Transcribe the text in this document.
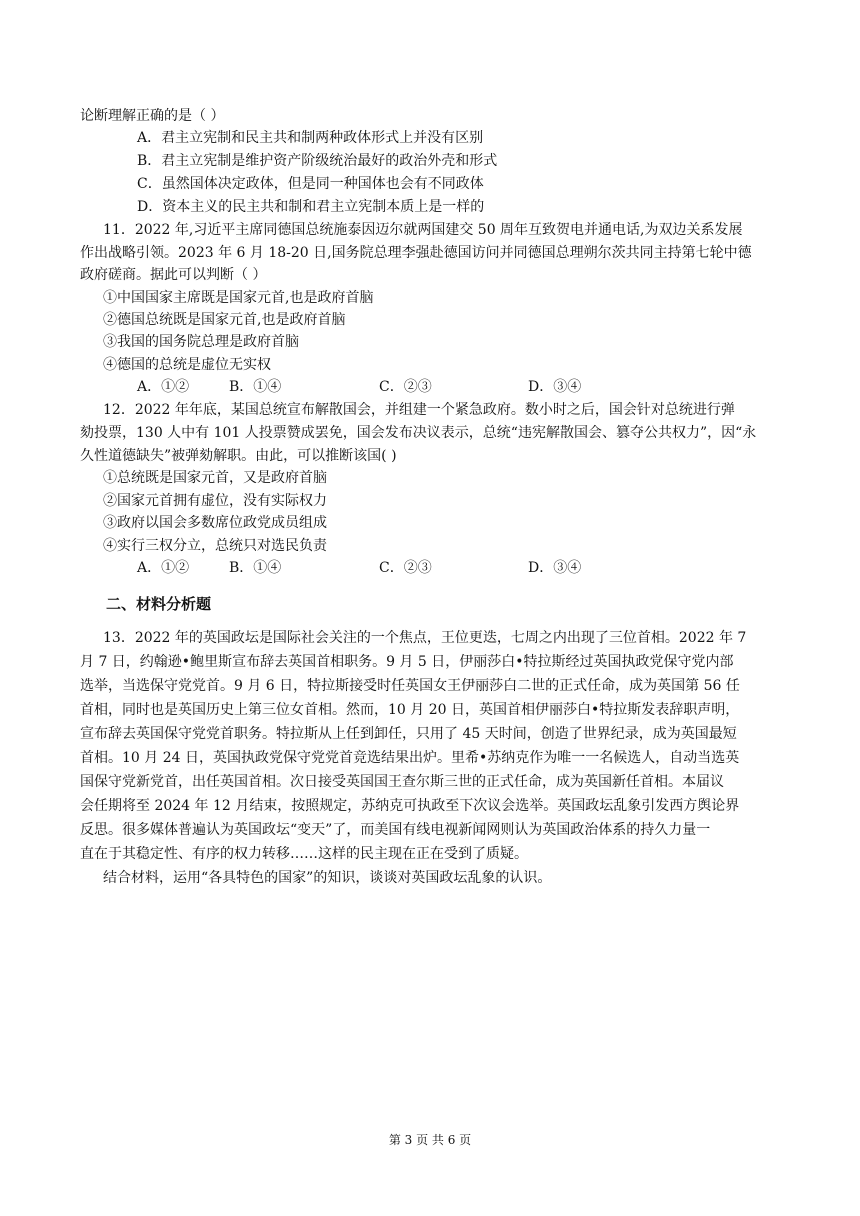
论断理解正确的是（ ）
A．君主立宪制和民主共和制两种政体形式上并没有区别
B．君主立宪制是维护资产阶级统治最好的政治外壳和形式
C．虽然国体决定政体，但是同一种国体也会有不同政体
D．资本主义的民主共和制和君主立宪制本质上是一样的
11．2022 年,习近平主席同德国总统施泰因迈尔就两国建交 50 周年互致贺电并通电话,为双边关系发展
作出战略引领。2023 年 6 月 18-20 日,国务院总理李强赴德国访问并同德国总理朔尔茨共同主持第七轮中德
政府磋商。据此可以判断（ ）
①中国国家主席既是国家元首,也是政府首脑
②德国总统既是国家元首,也是政府首脑
③我国的国务院总理是政府首脑
④德国的总统是虚位无实权
A．①②	B．①④	C．②③	D．③④
12．2022 年年底，某国总统宣布解散国会，并组建一个紧急政府。数小时之后，国会针对总统进行弹
劾投票，130 人中有 101 人投票赞成罢免，国会发布决议表示，总统“违宪解散国会、篡夺公共权力”，因“永
久性道德缺失”被弹劾解职。由此，可以推断该国( )
①总统既是国家元首，又是政府首脑
②国家元首拥有虚位，没有实际权力
③政府以国会多数席位政党成员组成
④实行三权分立，总统只对选民负责
A．①②	B．①④	C．②③	D．③④
二、材料分析题
13．2022 年的英国政坛是国际社会关注的一个焦点，王位更迭，七周之内出现了三位首相。2022 年 7
月 7 日，约翰逊•鲍里斯宣布辞去英国首相职务。9 月 5 日，伊丽莎白•特拉斯经过英国执政党保守党内部
选举，当选保守党党首。9 月 6 日，特拉斯接受时任英国女王伊丽莎白二世的正式任命，成为英国第 56 任
首相，同时也是英国历史上第三位女首相。然而，10 月 20 日，英国首相伊丽莎白•特拉斯发表辞职声明，
宣布辞去英国保守党党首职务。特拉斯从上任到卸任，只用了 45 天时间，创造了世界纪录，成为英国最短
首相。10 月 24 日，英国执政党保守党党首竞选结果出炉。里希•苏纳克作为唯一一名候选人，自动当选英
国保守党新党首，出任英国首相。次日接受英国国王查尔斯三世的正式任命，成为英国新任首相。本届议
会任期将至 2024 年 12 月结束，按照规定，苏纳克可执政至下次议会选举。英国政坛乱象引发西方舆论界
反思。很多媒体普遍认为英国政坛“变天”了，而美国有线电视新闻网则认为英国政治体系的持久力量一
直在于其稳定性、有序的权力转移……这样的民主现在正在受到了质疑。
结合材料，运用“各具特色的国家”的知识，谈谈对英国政坛乱象的认识。
第 3 页 共 6 页
